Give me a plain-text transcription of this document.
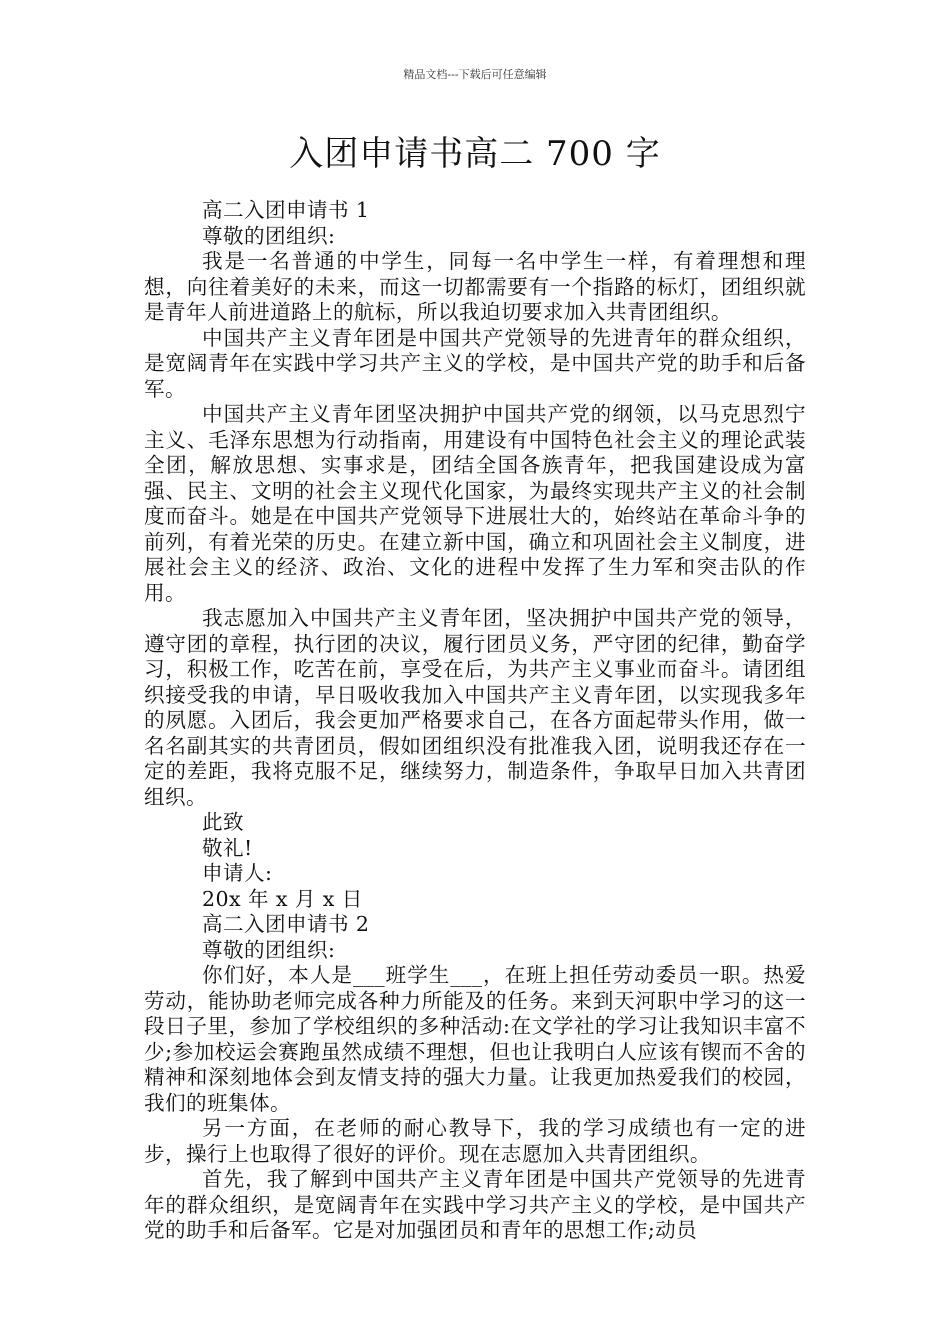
精品文档---下载后可任意编辑
入团申请书高二 700 字

高二入团申请书 1

尊敬的团组织:

我是一名普通的中学生，同每一名中学生一样，有着理想和理想，向往着美好的未来，而这一切都需要有一个指路的标灯，团组织就是青年人前进道路上的航标，所以我迫切要求加入共青团组织。

中国共产主义青年团是中国共产党领导的先进青年的群众组织，是宽阔青年在实践中学习共产主义的学校，是中国共产党的助手和后备军。

中国共产主义青年团坚决拥护中国共产党的纲领，以马克思烈宁主义、毛泽东思想为行动指南，用建设有中国特色社会主义的理论武装全团，解放思想、实事求是，团结全国各族青年，把我国建设成为富强、民主、文明的社会主义现代化国家，为最终实现共产主义的社会制度而奋斗。她是在中国共产党领导下进展壮大的，始终站在革命斗争的前列，有着光荣的历史。在建立新中国，确立和巩固社会主义制度，进展社会主义的经济、政治、文化的进程中发挥了生力军和突击队的作用。

我志愿加入中国共产主义青年团，坚决拥护中国共产党的领导，遵守团的章程，执行团的决议，履行团员义务，严守团的纪律，勤奋学习，积极工作，吃苦在前，享受在后，为共产主义事业而奋斗。请团组织接受我的申请，早日吸收我加入中国共产主义青年团，以实现我多年的夙愿。入团后，我会更加严格要求自己，在各方面起带头作用，做一名名副其实的共青团员，假如团组织没有批准我入团，说明我还存在一定的差距，我将克服不足，继续努力，制造条件，争取早日加入共青团组织。

此致

敬礼!

申请人:

20x 年 x 月 x 日

高二入团申请书 2

尊敬的团组织:

你们好，本人是___班学生___，在班上担任劳动委员一职。热爱劳动，能协助老师完成各种力所能及的任务。来到天河职中学习的这一段日子里，参加了学校组织的多种活动:在文学社的学习让我知识丰富不少;参加校运会赛跑虽然成绩不理想，但也让我明白人应该有锲而不舍的精神和深刻地体会到友情支持的强大力量。让我更加热爱我们的校园，我们的班集体。

另一方面，在老师的耐心教导下，我的学习成绩也有一定的进步，操行上也取得了很好的评价。现在志愿加入共青团组织。

首先，我了解到中国共产主义青年团是中国共产党领导的先进青年的群众组织，是宽阔青年在实践中学习共产主义的学校，是中国共产党的助手和后备军。它是对加强团员和青年的思想工作;动员
